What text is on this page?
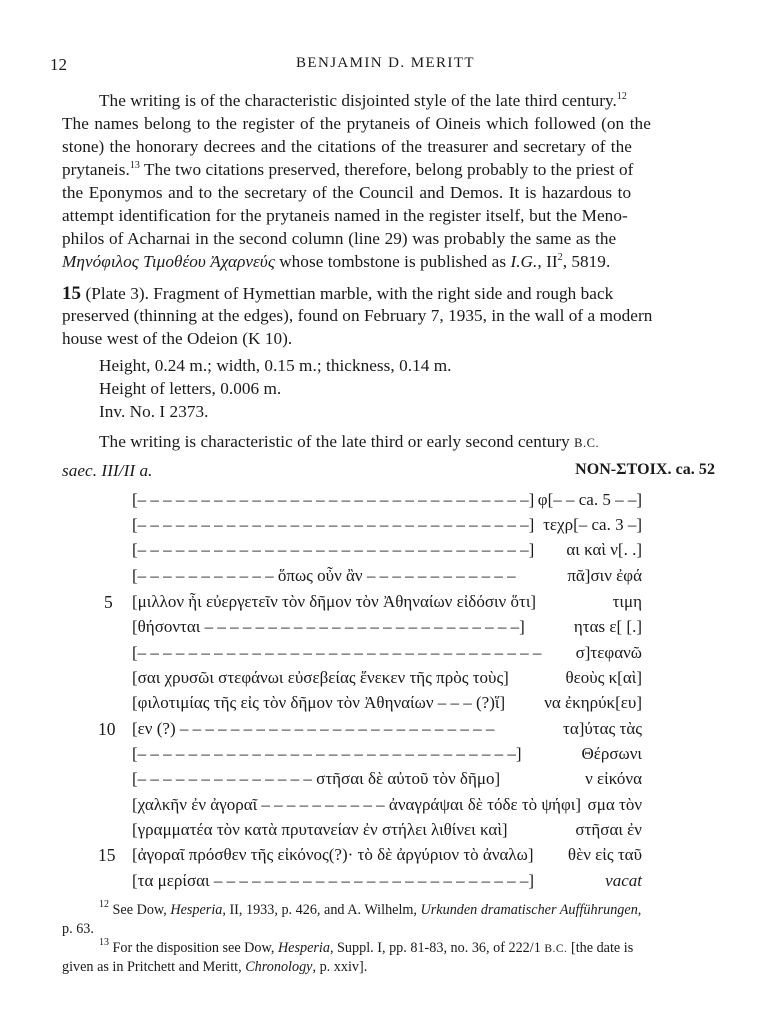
12	BENJAMIN D. MERITT
The writing is of the characteristic disjointed style of the late third century.$^{12}$
The names belong to the register of the prytaneis of Oineis which followed (on the
stone) the honorary decrees and the citations of the treasurer and secretary of the
prytaneis.$^{13}$ The two citations preserved, therefore, belong probably to the priest of
the Eponymos and to the secretary of the Council and Demos. It is hazardous to
attempt identification for the prytaneis named in the register itself, but the Meno-
philos of Acharnai in the second column (line 29) was probably the same as the
Μηνόφιλος Τιμοθέου Ἀχαρνεύς whose tombstone is published as I.G., $II^2$, 5819.
15 (Plate 3). Fragment of Hymettian marble, with the right side and rough back
preserved (thinning at the edges), found on February 7, 1935, in the wall of a modern
house west of the Odeion (K 10).
Height, 0.24 m.; width, 0.15 m.; thickness, 0.14 m.
Height of letters, 0.006 m.
Inv. No. I 2373.
The writing is characteristic of the late third or early second century B.C.
saec. III/II a.	NON-ΣΤΟΙΧ. ca. 52
[– – – – – – – – – – – – – – – – – – – – – – – – – – – – – – –] φ[– – ca. 5 – –]
[– – – – – – – – – – – – – – – – – – – – – – – – – – – – – – –] τεχρ[– ca. 3 –]
[– – – – – – – – – – – – – – – – – – – – – – – – – – – – – – –] αι καὶ ν[. .]
[– – – – – – – – – – – ὅπως οὖν ἂν – – – – – – – – – – – –	πᾶ]σιν ἐφά
[μιλλον ἦι εὐεργετεῖν τὸν δῆμον τὸν Ἀθηναίων εἰδόσιν ὅτι]	τιμη
[θήσονται – – – – – – – – – – – – – – – – – – – – – – – – –]	ηταs ε[ [.]
[– – – – – – – – – – – – – – – – – – – – – – – – – – – – – – – – σ]τεφανῶ
[σαι χρυσῶι στεφάνωι εὐσεβείας ἕνεκεν τῆς πρὸς τοὺς]	θεοὺς κ[αὶ]
[φιλοτιμίας τῆς εἰς τὸν δῆμον τὸν Ἀθηναίων – – – (?)ἵ] να ἐκηρύκ[ευ]
[εν (?) – – – – – – – – – – – – – – – – – – – – – – – – –	τα]ύτας τὰς
[– – – – – – – – – – – – – – – – – – – – – – – – – – – – – –]	Θέρσωνι
[– – – – – – – – – – – – – – στῆσαι δὲ αὐτοῦ τὸν δῆμο]	ν εἰκόνα
[χαλκῆν ἐν ἀγοραῖ – – – – – – – – – – ἀναγράψαι δὲ τόδε τὸ ψήφι] σμα τὸν
[γραμματέα τὸν κατὰ πρυτανείαν ἐν στήλει λιθίνει καὶ]	στῆσαι ἐν
[ἀγοραῖ πρόσθεν τῆς εἰκόνος(?)· τὸ δὲ ἀργύριον τὸ ἀναλω] θὲν εἰς ταῦ
[τα μερίσαι – – – – – – – – – – – – – – – – – – – – – – – – –]	vacat
5
10
15
$^{12}$ See Dow, Hesperia, II, 1933, p. 426, and A. Wilhelm, Urkunden dramatischer Aufführungen,
p. 63.
$^{13}$ For the disposition see Dow, Hesperia, Suppl. I, pp. 81-83, no. 36, of 222/1 B.C. [the date is
given as in Pritchett and Meritt, Chronology, p. xxiv].
